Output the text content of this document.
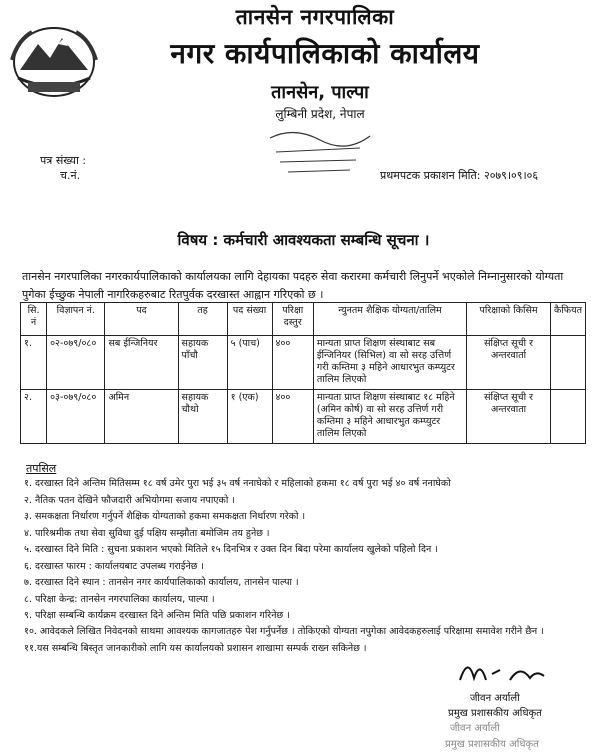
तानसेन नगरपालिका
नगर कार्यपालिकाको कार्यालय
तानसेन, पाल्पा
लुम्बिनी प्रदेश, नेपाल
पत्र संख्या :
च.नं.	प्रथमपटक प्रकाशन मिति: २०७९।०९।०६
विषय : कर्मचारी आवश्यकता सम्बन्धि सूचना ।
तानसेन नगरपालिका नगरकार्यपालिकाको कार्यालयका लागि देहायका पदहरु सेवा करारमा कर्मचारी लिनुपर्ने भएकोले निम्नानुसारको योग्यता पुगेका ईच्छुक नेपाली नागरिकहरुबाट रितपुर्वक दरखास्त आह्वान गरिएको छ ।
सि. नं	विज्ञापन नं.	पद	तह	पद संख्या	परिक्षा दस्तुर	न्युनतम शैक्षिक योग्यता/तालिम	परिक्षाको किसिम	कैफियत
१.	०२-०७९/०८०	सब ईन्जिनियर	सहायक पाँचौ	५ (पाच)	४००	मान्यता प्राप्त शिक्षण संस्थाबाट सब ईन्जिनियर (सिभिल) वा सो सरह उत्तिर्ण गरी कम्तिमा ३ महिने आधारभुत कम्प्युटर तालिम लिएको	संक्षिप्त सूची र अन्तरवार्ता	
२.	०३-०७९/०८०	अमिन	सहायक चौथो	१ (एक)	४००	मान्यता प्राप्त शिक्षण संस्थाबाट १८ महिने (अमिन कोर्ष) वा सो सरह उत्तिर्ण गरी कम्तिमा ३ महिने आधारभुत कम्प्युटर तालिम लिएको	संक्षिप्त सूची र अन्तरवाता	
तपसिल
१. दरखास्त दिने अन्तिम मितिसम्म १८ वर्ष उमेर पुरा भई ३५ वर्ष ननाघेको र महिलाको हकमा १८ वर्ष पुरा भई ४० वर्ष ननाघेको
२. नैतिक पतन देखिने फौजदारी अभियोगमा सजाय नपाएको ।
३. समकक्षता निर्धारण गर्नुपर्ने शैक्षिक योग्यताको हकमा समकक्षता निर्धारण गरेको ।
४. पारिश्रमीक तथा सेवा सुविधा दुई पक्षिय सम्झौता बमोजिम तय हुनेछ ।
५. दरखास्त दिने मिति : सुचना प्रकाशन भएको मितिले १५ दिनभित्र र उक्त दिन बिदा परेमा कार्यालय खुलेको पहिलो दिन ।
६. दरखास्त फारम : कार्यालयबाट उपलब्ध गराईनेछ ।
७. दरखास्त दिने स्थान : तानसेन नगर कार्यपालिकाको कार्यालय, तानसेन पाल्पा ।
८. परिक्षा केन्द्र: तानसेन नगरपालिका कार्यालय, पाल्पा ।
९. परिक्षा सम्बन्धि कार्यक्रम दरखास्त दिने अन्तिम मिति पछि प्रकाशन गरिनेछ ।
१०. आवेदकले लिखित निवेदनको साथमा आवश्यक कागजातहरु पेश गर्नुपर्नेछ । तोकिएको योग्यता नपुगेका आवेदकहरुलाई परिक्षामा समावेश गरीने छैन ।
११.यस सम्बन्धि बिस्तृत जानकारीको लागि यस कार्यालयको प्रशासन शाखामा सम्पर्क राख्न सकिनेछ ।
जीवन अर्याली
प्रमुख प्रशासकीय अधिकृत
जीवन अर्याली
प्रमुख प्रशासकीय अधिकृत
